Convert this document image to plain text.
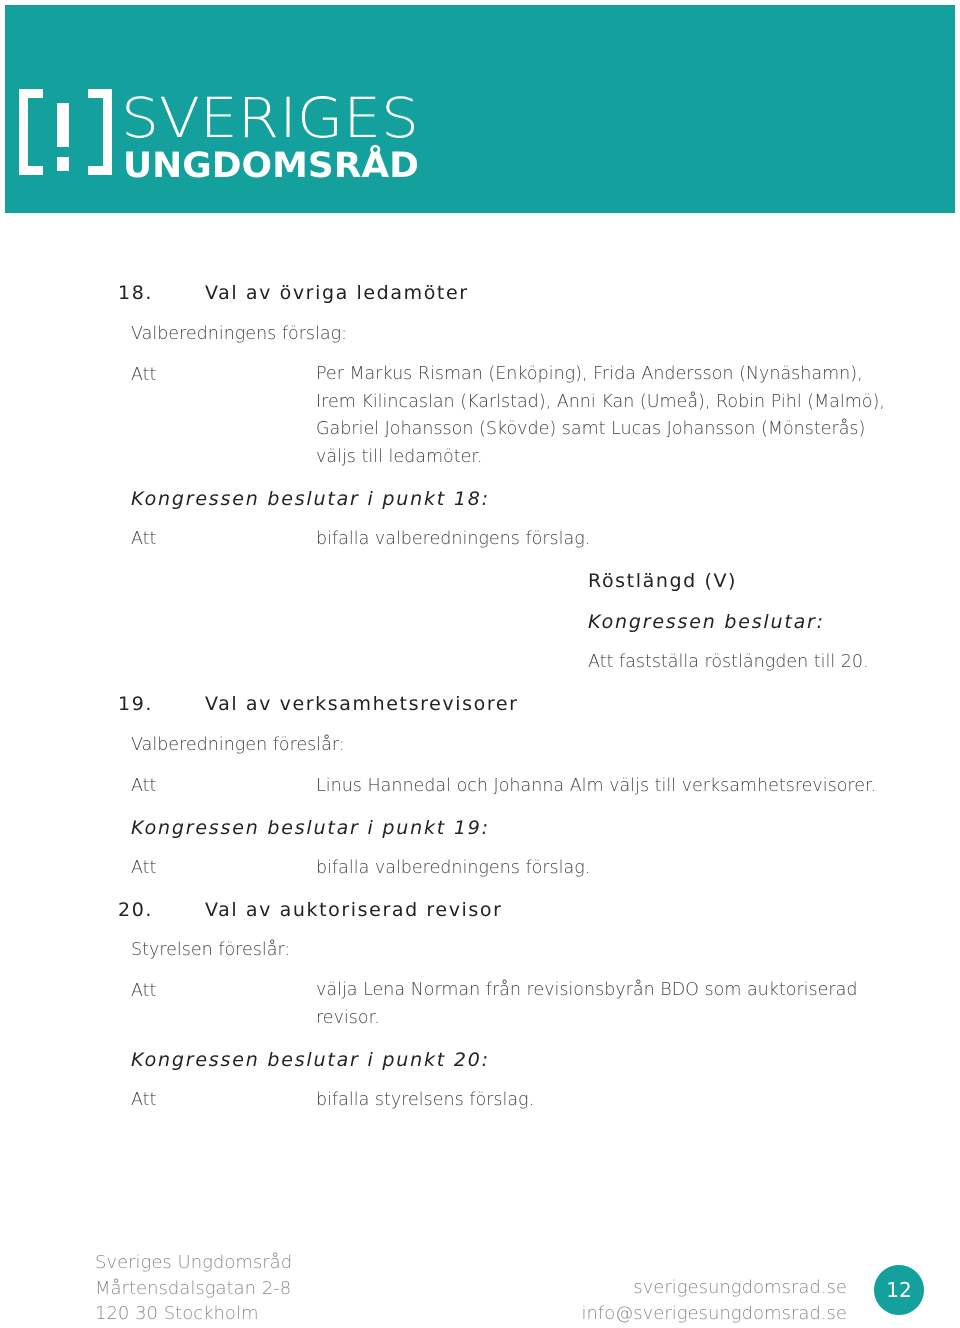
SVERIGES
UNGDOMSRÅD
18.	Val av övriga ledamöter
Valberedningens förslag:
Att	Per Markus Risman (Enköping), Frida Andersson (Nynäshamn),
Irem Kilincaslan (Karlstad), Anni Kan (Umeå), Robin Pihl (Malmö),
Gabriel Johansson (Skövde) samt Lucas Johansson (Mönsterås)
väljs till ledamöter.
Kongressen beslutar i punkt 18:
Att	bifalla valberedningens förslag.
Röstlängd (V)
Kongressen beslutar:
Att fastställa röstlängden till 20.
19.	Val av verksamhetsrevisorer
Valberedningen föreslår:
Att	Linus Hannedal och Johanna Alm väljs till verksamhetsrevisorer.
Kongressen beslutar i punkt 19:
Att	bifalla valberedningens förslag.
20.	Val av auktoriserad revisor
Styrelsen föreslår:
Att	välja Lena Norman från revisionsbyrån BDO som auktoriserad
revisor.
Kongressen beslutar i punkt 20:
Att	bifalla styrelsens förslag.
Sveriges Ungdomsråd
Mårtensdalsgatan 2-8
120 30 Stockholm
sverigesungdomsrad.se
info@sverigesungdomsrad.se
12
